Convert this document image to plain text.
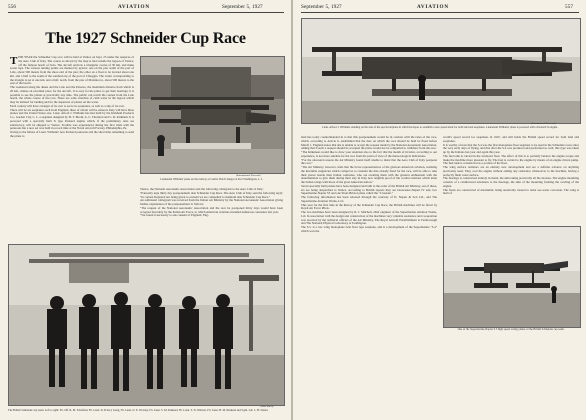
556	AVIATION	September 5, 1927
The 1927 Schneider Cup Race
THIS YEAR the Schneider Cup race will be held at Venice on Sept. 25 under the auspices of the Aero Club of Italy. The course as shown by the map is laid outside the lagoon of Venice, off the famous beach of Lido. The aircraft encircle a triangular course of 50 km. and make seven laps. The various turning points are marked by pylons: one on the pier south of the port of Lido, about 500 meters from the shore end of the pier; the other on a float to be located about one km. and a half to the south of the southern tip of the port of Chioggia. The writer corresponding to the triangle is set at one km. and a half, north, from the pier of Malamocco, about 500 meters to the east of the beach.
The roadstead along the dunes and the Lido and the Palazzo, the maximum distance from which is 20 km., makes an excellent place for the aircraft. It is easy for the pilots to get their bearings; it is possible to see the planes at practically any time. The public can watch the contest from the Lido beach, the whole course of the race. There are wide stretches of calm water in the lagoon which may be utilized for landing and for the departure of planes on the water.
Each country will have a hangar of its own to serve its seaplanes, as well as a slip of its own.
There will be six seaplanes each from England, three of whom will be entered. Italy will have three planes and the United States one. Lieut. Alford J. Williams has had built by the Kirkham Products Co., Garden City, L. I., a seaplane designed by H. T. Booth, A. C. Thornton and C. R. Kirkham. It is powered with a specially built X type Packard engine which, if the preliminary tests are satisfactory, will be shipped to Venice. Trouble was experienced during the first trials with the pontoons but a new set was built in record time at the Naval Aircraft Factory, Philadelphia, Pa.
Owing to the failure of Lieut. Williams' new Packard pontoons and the short time remaining to send the plane to
(International Newsreel)
Lieutenant Williams' plane on the runway at Curtiss Field's hangar at Port Washington, L. I.
Venice, the National Aeronautic Association sent the following cablegram to the Aero Club of Italy:
"Earnestly urge thirty day postponement date Schneider Cup Race. The Aero Club of Italy sent the following reply: "In contest Regional not being given to consent we are compelled to maintain date Schneider Cup Race."
An additional cablegram was received from the Italian Air Ministry by the National Aeronautic Association giving further explanation of the postponement. It follows:
"The request of the National Aeronautic Association and the race be postponed thirty days would have been accepted favorably by the Italian Air Force, to which American aviation extended numerous courtesies last year.
"We found it necessary to ask consent of England. Eng-
(Wide World)
The British Schneider cup team. Left to right: Flt. Off. R. M. Schofield, Flt. Lieut. D. D'Arcy Greig, Flt. Lieut. O. E. Worsley, Flt. Lieut. S. M. Kinkead, Flt. Lieut. S. N. Webster, Flt. Lieut. H. M. Kinkead and Sqdn. Ldr. L. H. Slatter.
September 5, 1927	AVIATION	557
(International Newsreel)
Lieut. Alford J. Williams standing on the side of his special airplane in which he hopes to establish a new speed mark for both land and seaplanes. Lieutenant Williams' plane is powered with a Packard X engine.
land has today countermanded in to that this postponement would be in contrast with the rules of the race, which, according to Article 6, established that the date on which the race should be held be fixed before March 1. England states that she is unable to accept the request made by the National Aeronautic Association, adding that if such a request should be accepted the pilots would not be compelled to withdraw from the race.
"The Kinkiness would like to draw your attention also to the fact that the month of October, according to our experience, is not more suitable for the race from the point of view of the meteorological indications.
"For the aforesaid reasons the Air Ministry found itself unable to insist that the Aero Club of Italy postpone the race."
"The Air Ministry, however, feels that the brave representatives of the glorious American aviation, realizing the insoluble exigencies which compel us to consider the date already fixed for the race, will be able to take their places beside their Italian comrades, who are awaiting them with the greatest enthusiasm with the determination to give them during their stay in Italy new tangible proof of the cordial relations which unite the Italian wings with those of the great American nation."
Seven specially built planes have been designed and built to the order of the British Air Ministry, out of these, six are being despatched to Venice. According to British reports they are Gloucester-Napier IV and, two Supermarine-Napier S5 and one Short-Bristol plane called the "Crusader."
The following information has been released through the courtesy of D. Napier & Son Ltd., and The Supermarine Aviation Works, Ltd.:
This year for the first time in the history of the Schneider Cup Race, the British machines will be flown by Royal Air Force Pilots.
The two machines have been designed by R. J. Mitchell, chief engineer of the Supermarine Aviation Works, Ltd. In association with the design and construction of the machines very valuable assistance and cooperation was received by the technical officers of the Air Ministry, The Royal Aircraft Establishment at Farnborough and The National Physical Laboratory at Teddington.
The S.5. is a low wing monoplane twin float type seaplane, and is a development of the Supermarine "S.4" which won the
world's speed record for seaplanes in 1925, and still holds the British speed record for both land and seaplanes.
It is worthy of note that the S.4 was the first monoplane float seaplane to be used in the Schneider races since the very early days of flying, and that after the S.4 was produced and performed so well, this type was taken up by the Italians last year and again this year.
The fuel tank is carried in the starboard float. The effect of this is to partially balance the engine torque and make the machine more pleasant to fly. The fuel is carried to the engine by means of an engine driven pump. The fuel tank is constructed as a portion of the float.
The wing surface radiators are an entirely new development and are a definite advance on anything previously used. They cool the engine without adding any resistance whatsoever to the machine, having a perfectly flush water surface.
The fuselage is constructed entirely in metal, the skin taking practically all the stresses. The engine mounting consists of a cantilevered extension to the fuselage, the skin of the mounting forming the cowling of the engine.
The floats are constructed of duralumin, being anodically treated to resist sea-water corrosion. The wing is built of
One of the Supermarine-Napier S.5 high speed racing planes of the British Schneider cup team.
